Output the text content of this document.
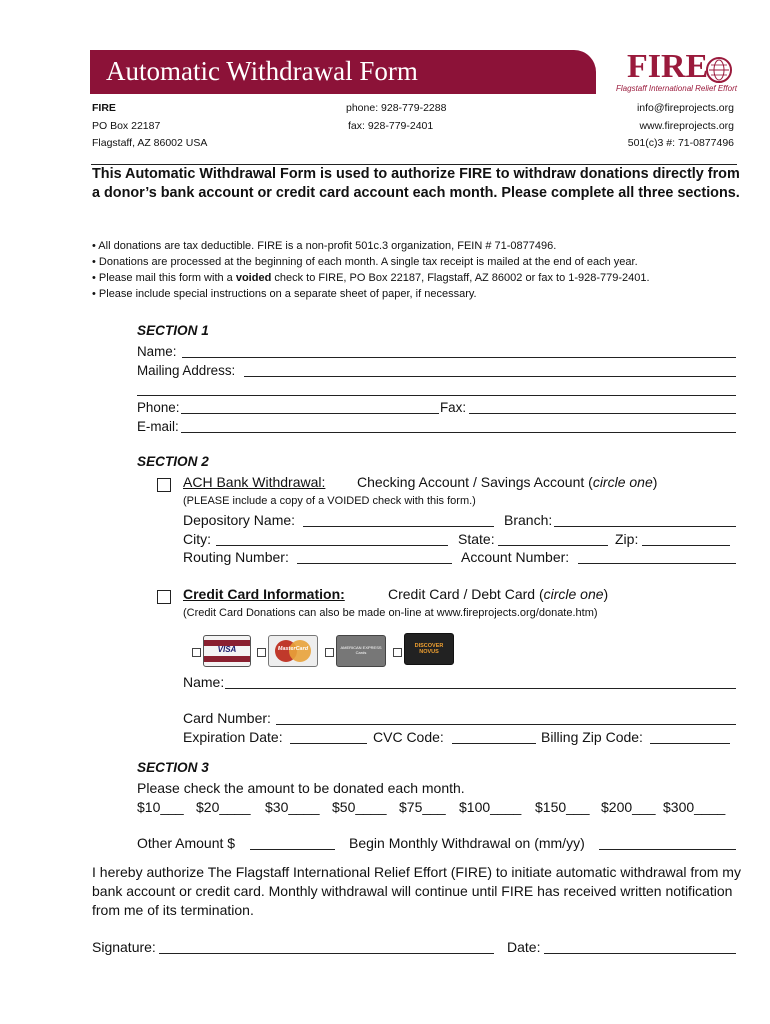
Automatic Withdrawal Form	FIRE
Flagstaff International Relief Effort
FIRE
PO Box 22187
Flagstaff, AZ 86002 USA
phone: 928-779-2288
fax: 928-779-2401
info@fireprojects.org
www.fireprojects.org
501(c)3 #: 71-0877496
This Automatic Withdrawal Form is used to authorize FIRE to withdraw donations directly from a donor’s bank account or credit card account each month. Please complete all three sections.
• All donations are tax deductible. FIRE is a non-profit 501c.3 organization, FEIN # 71-0877496.
• Donations are processed at the beginning of each month. A single tax receipt is mailed at the end of each year.
• Please mail this form with a voided check to FIRE, PO Box 22187, Flagstaff, AZ 86002 or fax to 1-928-779-2401.
• Please include special instructions on a separate sheet of paper, if necessary.
SECTION 1
Name:
Mailing Address:
Phone:	Fax:
E-mail:
SECTION 2
ACH Bank Withdrawal: Checking Account / Savings Account (circle one)
(PLEASE include a copy of a VOIDED check with this form.)
Depository Name:	Branch:
City:	State:	Zip:
Routing Number:	Account Number:
Credit Card Information:	Credit Card / Debt Card (circle one)
(Credit Card Donations can also be made on-line at www.fireprojects.org/donate.htm)
VISA	MasterCard	AMERICAN EXPRESS Cards
DISCOVER NOVUS
Name:
Card Number:
Expiration Date:	CVC Code:	Billing Zip Code:
SECTION 3
Please check the amount to be donated each month.
$10___ $20____ $30____ $50____ $75___ $100____ $150___ $200___ $300____
Other Amount $	Begin Monthly Withdrawal on (mm/yy)
I hereby authorize The Flagstaff International Relief Effort (FIRE) to initiate automatic withdrawal from my bank account or credit card. Monthly withdrawal will continue until FIRE has received written notification from me of its termination.
Signature:	Date:
